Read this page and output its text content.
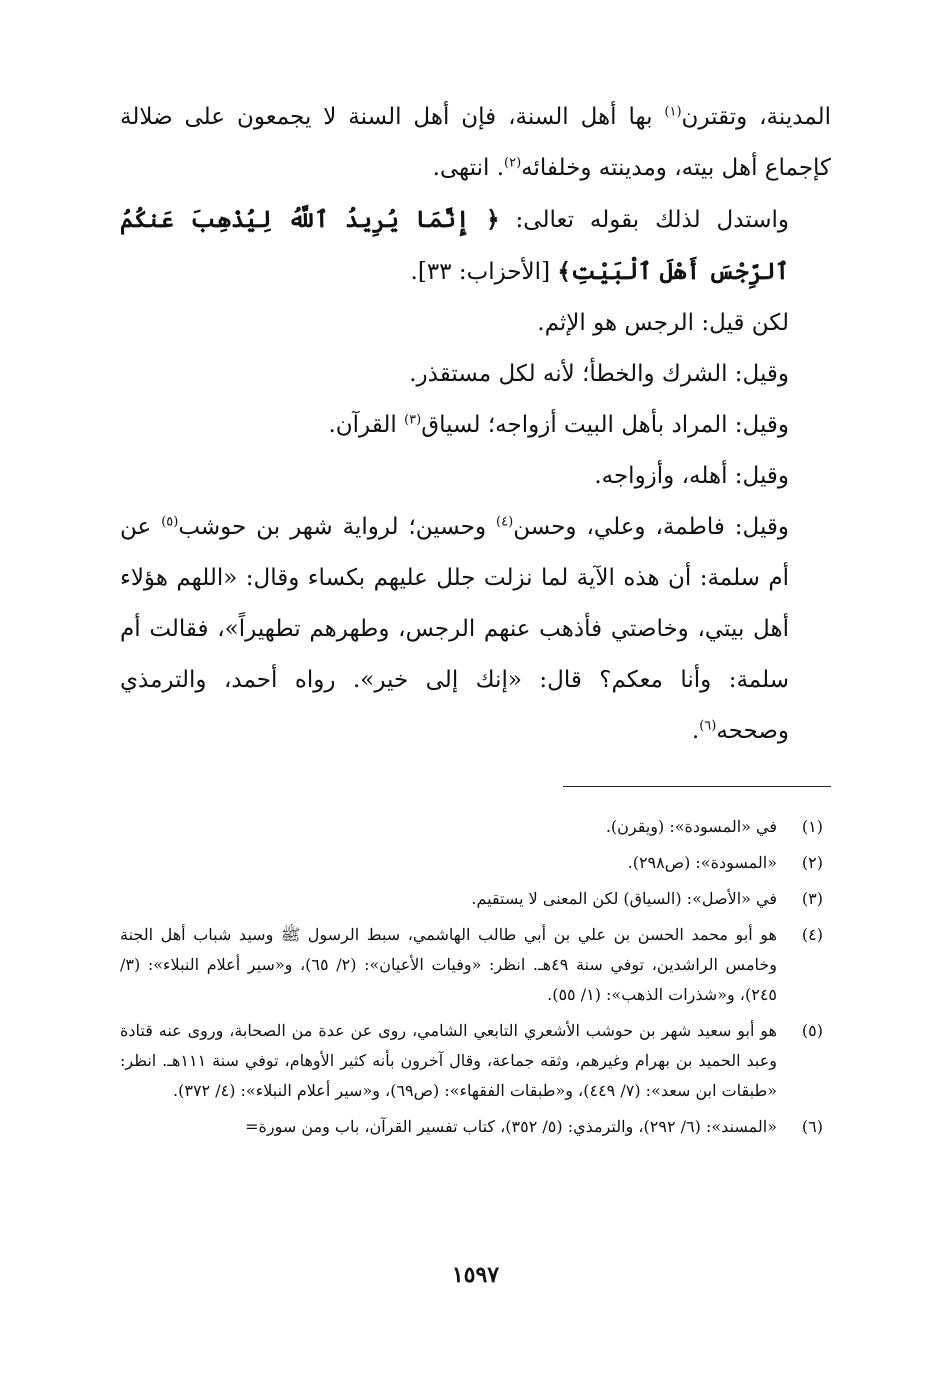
المدينة، وتقترن$^{(١)}$ بها أهل السنة، فإن أهل السنة لا يجمعون على ضلالة كإجماع أهل بيته، ومدينته وخلفائه$^{(٢)}$. انتهى.

واستدل لذلك بقوله تعالى: ﴿ إِنَّمَا يُرِيدُ ٱللَّهُ لِيُذْهِبَ عَنكُمُ ٱلرِّجْسَ أَهْلَ ٱلْبَيْتِ﴾ [الأحزاب: ٣٣].

لكن قيل: الرجس هو الإثم.

وقيل: الشرك والخطأ؛ لأنه لكل مستقذر.

وقيل: المراد بأهل البيت أزواجه؛ لسياق$^{(٣)}$ القرآن.

وقيل: أهله، وأزواجه.

وقيل: فاطمة، وعلي، وحسن$^{(٤)}$ وحسين؛ لرواية شهر بن حوشب$^{(٥)}$ عن أم سلمة: أن هذه الآية لما نزلت جلل عليهم بكساء وقال: «اللهم هؤلاء أهل بيتي، وخاصتي فأذهب عنهم الرجس، وطهرهم تطهيراً»، فقالت أم سلمة: وأنا معكم؟ قال: «إنك إلى خير». رواه أحمد، والترمذي وصححه$^{(٦)}$.

(١)
في «المسودة»: (ويقرن).
(٢)
«المسودة»: (ص٢٩٨).
(٣)
في «الأصل»: (السياق) لكن المعنى لا يستقيم.
(٤)
هو أبو محمد الحسن بن علي بن أبي طالب الهاشمي، سبط الرسول ﷺ وسيد شباب أهل الجنة وخامس الراشدين، توفي سنة ٤٩هـ. انظر: «وفيات الأعيان»: (٢/ ٦٥)، و«سير أعلام النبلاء»: (٣/ ٢٤٥)، و«شذرات الذهب»: (١/ ٥٥).
(٥)
هو أبو سعيد شهر بن حوشب الأشعري التابعي الشامي، روى عن عدة من الصحابة، وروى عنه قتادة وعبد الحميد بن بهرام وغيرهم، وثقه جماعة، وقال آخرون بأنه كثير الأوهام، توفي سنة ١١١هـ. انظر: «طبقات ابن سعد»: (٧/ ٤٤٩)، و«طبقات الفقهاء»: (ص٦٩)، و«سير أعلام النبلاء»: (٤/ ٣٧٢).
(٦)
«المسند»: (٦/ ٢٩٢)، والترمذي: (٥/ ٣٥٢)، كتاب تفسير القرآن، باب ومن سورة=
١٥٩٧
